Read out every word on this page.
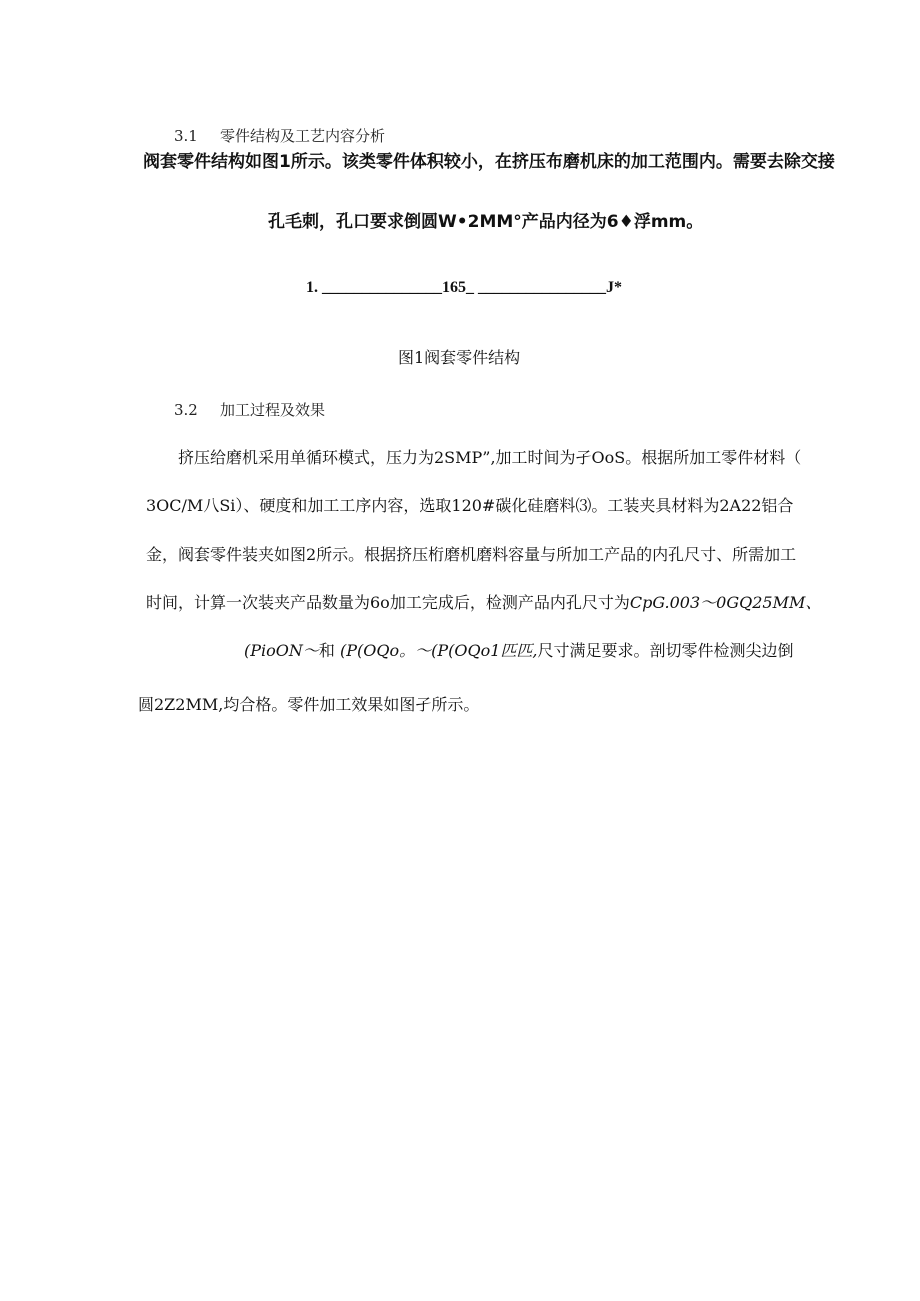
3.1 零件结构及工艺内容分析
阀套零件结构如图1所示。该类零件体积较小，在挤压布磨机床的加工范围内。需要去除交接
孔毛刺，孔口要求倒圆W•2MM°产品内径为6♦浮mm。
1. _______________165_ ________________J*
图1阀套零件结构
3.2 加工过程及效果
挤压给磨机采用单循环模式，压力为2SMP”,加工时间为孑OoS。根据所加工零件材料（
3OC/M八Si）、硬度和加工工序内容，选取120#碳化硅磨料⑶。工装夹具材料为2A22铝合
金，阀套零件装夹如图2所示。根据挤压桁磨机磨料容量与所加工产品的内孔尺寸、所需加工
时间，计算一次装夹产品数量为6o加工完成后，检测产品内孔尺寸为CpG.003〜0GQ25MM、
(PioON〜和 (P(OQo。～(P(OQo1匹匹,尺寸满足要求。剖切零件检测尖边倒
圆2Z2MM,均合格。零件加工效果如图孑所示。
